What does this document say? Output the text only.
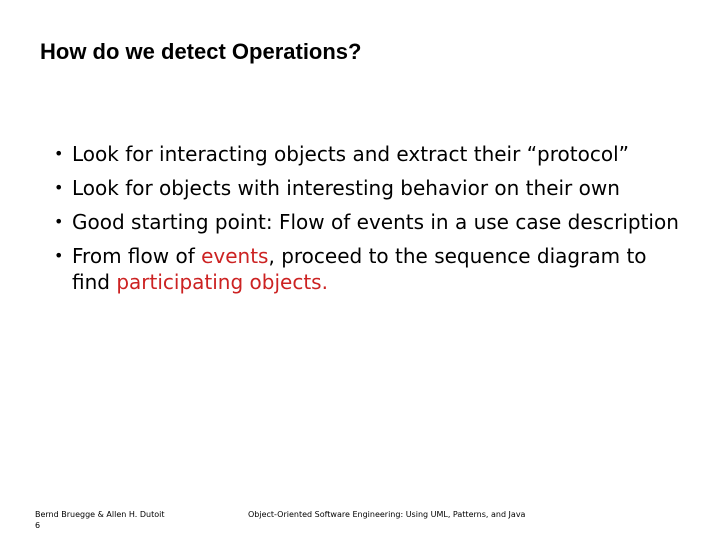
How do we detect Operations?
• Look for interacting objects and extract their “protocol”
• Look for objects with interesting behavior on their own
• Good starting point: Flow of events in a use case description
• From flow of events, proceed to the sequence diagram to find participating objects.
Bernd Bruegge & Allen H. Dutoit
6
Object-Oriented Software Engineering: Using UML, Patterns, and Java
